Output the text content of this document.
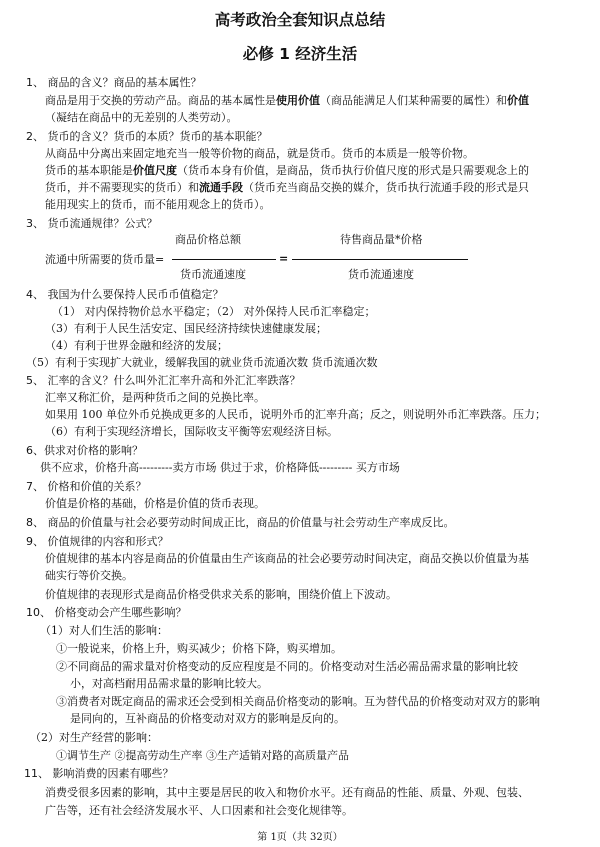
高考政治全套知识点总结
必修 1 经济生活
1、 商品的含义？商品的基本属性？
商品是用于交换的劳动产品。商品的基本属性是使用价值（商品能满足人们某种需要的属性）和价值
（凝结在商品中的无差别的人类劳动）。
2、 货币的含义？货币的本质？货币的基本职能？
从商品中分离出来固定地充当一般等价物的商品，就是货币。货币的本质是一般等价物。
货币的基本职能是价值尺度（货币本身有价值，是商品，货币执行价值尺度的形式是只需要观念上的
货币，并不需要现实的货币）和流通手段（货币充当商品交换的媒介，货币执行流通手段的形式是只
能用现实上的货币，而不能用观念上的货币）。
3、 货币流通规律？公式？
商品价格总额	待售商品量*价格
流通中所需要的货币量=	=
货币流通速度	货币流通速度
4、 我国为什么要保持人民币币值稳定？
（1） 对内保持物价总水平稳定；（2） 对外保持人民币汇率稳定；
（3）有利于人民生活安定、国民经济持续快速健康发展；
（4）有利于世界金融和经济的发展；
（5）有利于实现扩大就业，缓解我国的就业货币流通次数 货币流通次数
5、 汇率的含义？什么叫外汇汇率升高和外汇汇率跌落？
汇率又称汇价，是两种货币之间的兑换比率。
如果用 100 单位外币兑换成更多的人民币，说明外币的汇率升高；反之，则说明外币汇率跌落。压力；
（6）有利于实现经济增长，国际收支平衡等宏观经济目标。
6、供求对价格的影响？
供不应求，价格升高---------卖方市场 供过于求，价格降低--------- 买方市场
7、 价格和价值的关系？
价值是价格的基础，价格是价值的货币表现。
8、 商品的价值量与社会必要劳动时间成正比，商品的价值量与社会劳动生产率成反比。
9、 价值规律的内容和形式？
价值规律的基本内容是商品的价值量由生产该商品的社会必要劳动时间决定，商品交换以价值量为基
础实行等价交换。
价值规律的表现形式是商品价格受供求关系的影响，围绕价值上下波动。
10、 价格变动会产生哪些影响？
（1）对人们生活的影响：
①一般说来，价格上升，购买减少；价格下降，购买增加。
②不同商品的需求量对价格变动的反应程度是不同的。价格变动对生活必需品需求量的影响比较
小，对高档耐用品需求量的影响比较大。
③消费者对既定商品的需求还会受到相关商品价格变动的影响。互为替代品的价格变动对双方的影响
是同向的，互补商品的价格变动对双方的影响是反向的。
（2）对生产经营的影响：
①调节生产 ②提高劳动生产率 ③生产适销对路的高质量产品
11、 影响消费的因素有哪些？
消费受很多因素的影响，其中主要是居民的收入和物价水平。还有商品的性能、质量、外观、包装、
广告等，还有社会经济发展水平、人口因素和社会变化规律等。
第 1页（共 32页）
